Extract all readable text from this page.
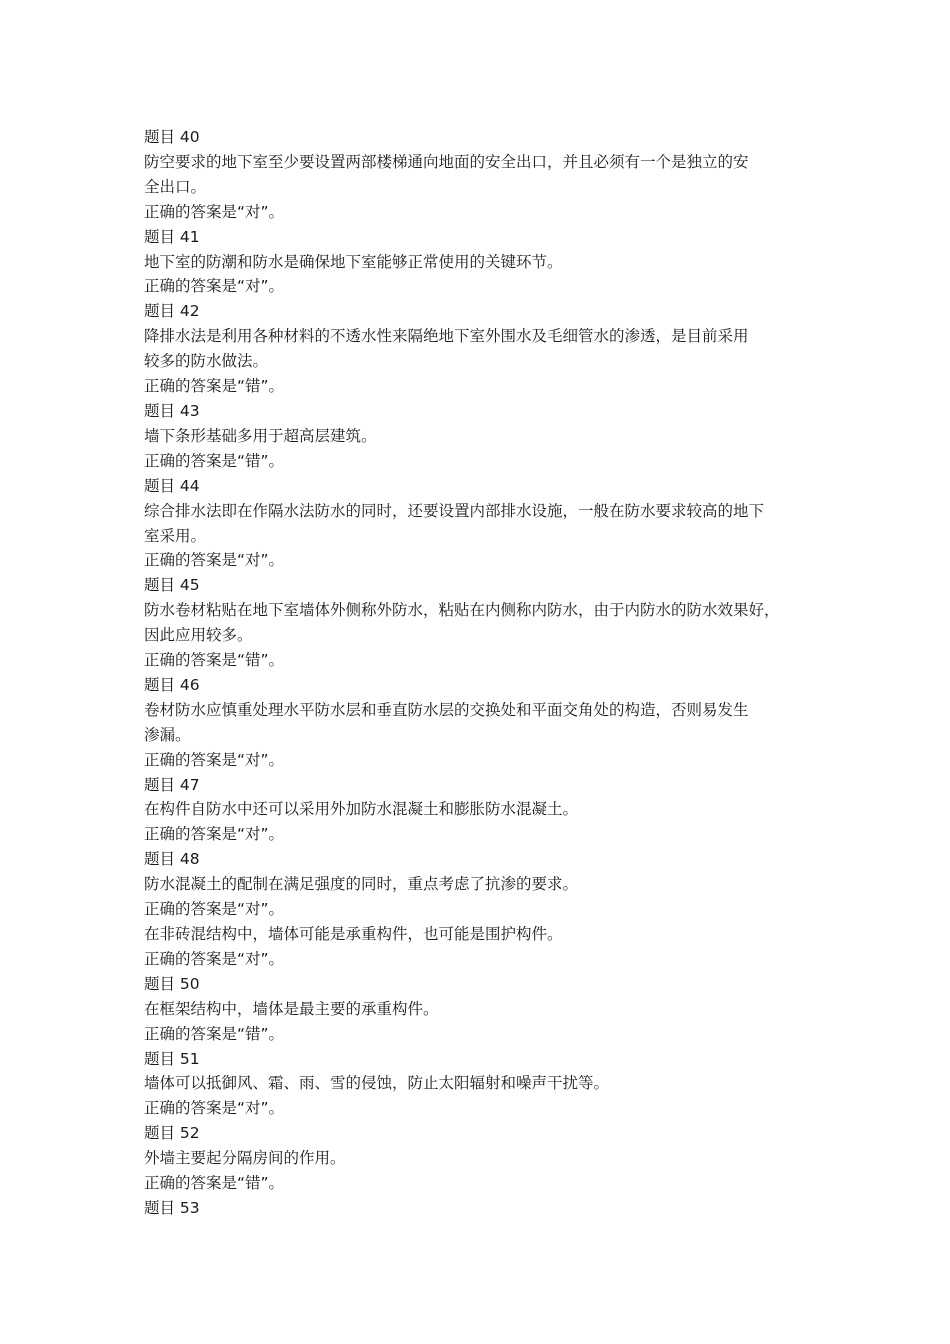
题目 40
防空要求的地下室至少要设置两部楼梯通向地面的安全出口，并且必须有一个是独立的安
全出口。
正确的答案是“对”。
题目 41
地下室的防潮和防水是确保地下室能够正常使用的关键环节。
正确的答案是“对”。
题目 42
降排水法是利用各种材料的不透水性来隔绝地下室外围水及毛细管水的渗透，是目前采用
较多的防水做法。
正确的答案是“错”。
题目 43
墙下条形基础多用于超高层建筑。
正确的答案是“错”。
题目 44
综合排水法即在作隔水法防水的同时，还要设置内部排水设施，一般在防水要求较高的地下
室采用。
正确的答案是“对”。
题目 45
防水卷材粘贴在地下室墙体外侧称外防水，粘贴在内侧称内防水，由于内防水的防水效果好，
因此应用较多。
正确的答案是“错”。
题目 46
卷材防水应慎重处理水平防水层和垂直防水层的交换处和平面交角处的构造，否则易发生
渗漏。
正确的答案是“对”。
题目 47
在构件自防水中还可以采用外加防水混凝土和膨胀防水混凝土。
正确的答案是“对”。
题目 48
防水混凝土的配制在满足强度的同时，重点考虑了抗渗的要求。
正确的答案是“对”。
在非砖混结构中，墙体可能是承重构件，也可能是围护构件。
正确的答案是“对”。
题目 50
在框架结构中，墙体是最主要的承重构件。
正确的答案是“错”。
题目 51
墙体可以抵御风、霜、雨、雪的侵蚀，防止太阳辐射和噪声干扰等。
正确的答案是“对”。
题目 52
外墙主要起分隔房间的作用。
正确的答案是“错”。
题目 53
